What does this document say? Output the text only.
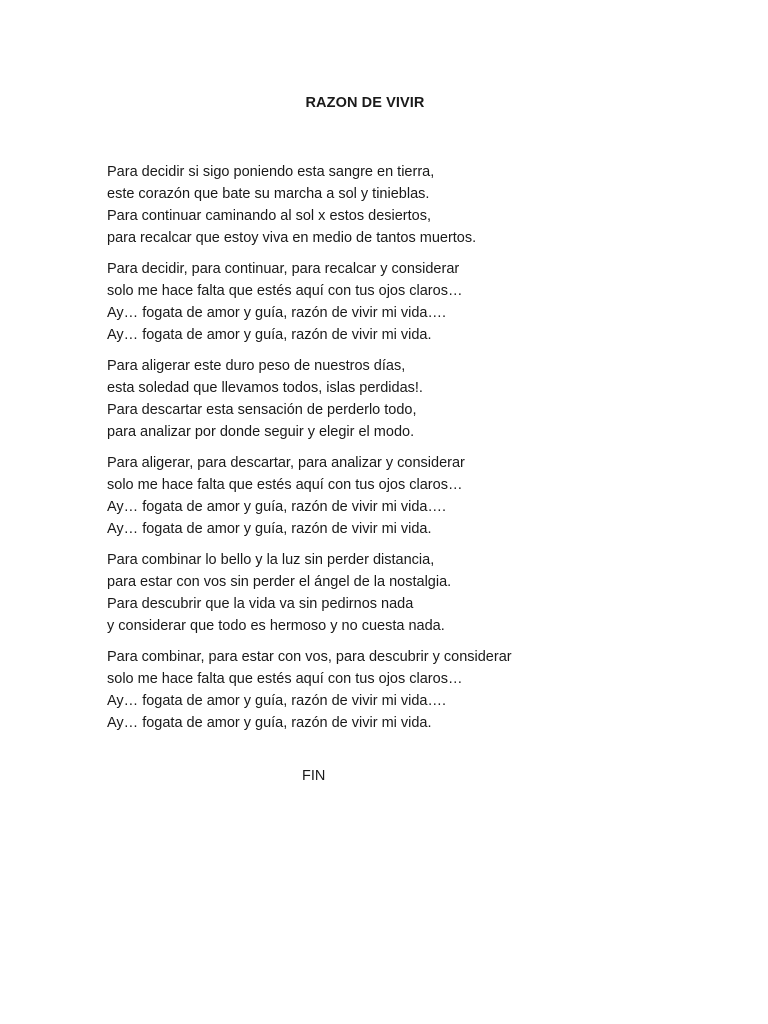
RAZON DE VIVIR
Para decidir si sigo poniendo esta sangre en tierra,
este corazón que bate su marcha a sol y tinieblas.
Para continuar caminando al sol x estos desiertos,
para recalcar que estoy viva en medio de tantos muertos.
Para decidir, para continuar, para recalcar y considerar
solo me hace falta que estés aquí con tus ojos claros…
Ay… fogata de amor y guía, razón de vivir mi vida….
Ay… fogata de amor y guía, razón de vivir mi vida.
Para aligerar este duro peso de nuestros días,
esta soledad que llevamos todos, islas perdidas!.
Para descartar esta sensación de perderlo todo,
para analizar por donde seguir y elegir el modo.
Para aligerar, para descartar, para analizar y considerar
solo me hace falta que estés aquí con tus ojos claros…
Ay… fogata de amor y guía, razón de vivir mi vida….
Ay… fogata de amor y guía, razón de vivir mi vida.
Para combinar lo bello y la luz sin perder distancia,
para estar con vos sin perder el ángel de la nostalgia.
Para descubrir que la vida va sin pedirnos nada
y considerar que todo es hermoso y no cuesta nada.
Para combinar, para estar con vos, para descubrir y considerar
solo me hace falta que estés aquí con tus ojos claros…
Ay… fogata de amor y guía, razón de vivir mi vida….
Ay… fogata de amor y guía, razón de vivir mi vida.
FIN
